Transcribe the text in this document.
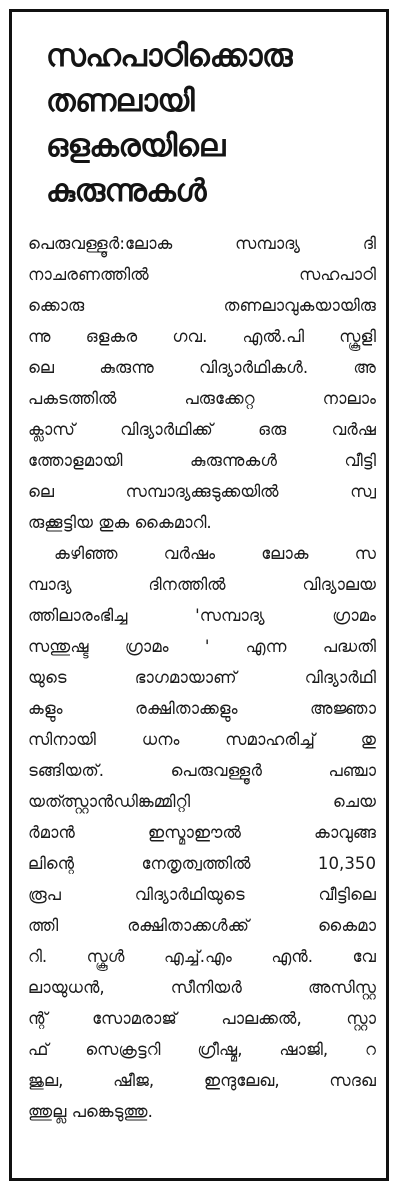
സഹപാഠിക്കൊരു
തണലായി
ഒളകരയിലെ
കുരുന്നുകൾ

പെരുവള്ളൂർ:ലോക സമ്പാദ്യ ദി
നാചരണത്തിൽ സഹപാഠി
ക്കൊരു തണലാവുകയായിരു
ന്നു ഒളകര ഗവ. എൽ.പി സ്കൂളി
ലെ കുരുന്നു വിദ്യാർഥികൾ. അ
പകടത്തിൽ പരുക്കേറ്റ നാലാം
ക്ലാസ് വിദ്യാർഥിക്ക് ഒരു വർഷ
ത്തോളമായി കുരുന്നുകൾ വീട്ടി
ലെ സമ്പാദ്യക്കുടുക്കയിൽ സ്വ
രുക്കൂട്ടിയ തുക കൈമാറി.

കഴിഞ്ഞ വർഷം ലോക സ
മ്പാദ്യ ദിനത്തിൽ വിദ്യാലയ
ത്തിലാരംഭിച്ച 'സമ്പാദ്യ ഗ്രാമം
സന്തുഷ്ട ഗ്രാമം ' എന്ന പദ്ധതി
യുടെ ഭാഗമായാണ് വിദ്യാർഥി
കളും രക്ഷിതാക്കളും അജ്ഞാ
സിനായി ധനം സമാഹരിച്ച് തു
ടങ്ങിയത്. പെരുവള്ളൂർ പഞ്ചാ
യത്ത്സ്റ്റാൻഡിങ്കമ്മിറ്റി ചെയ
ർമാൻ ഇസ്മാഈൽ കാവുങ്ങ
ലിന്റെ നേതൃത്വത്തിൽ 10,350
രൂപ വിദ്യാർഥിയുടെ വീട്ടിലെ
ത്തി രക്ഷിതാക്കൾക്ക് കൈമാ
റി. സ്കൂൾ എച്ച്.എം എൻ. വേ
ലായുധൻ, സീനിയർ അസിസ്റ്റ
ന്റ് സോമരാജ് പാലക്കൽ, സ്റ്റാ
ഫ് സെക്രട്ടറി ഗ്രീഷ്മ, ഷാജി, റ
ജുല, ഷീജ, ഇന്ദുലേഖ, സദഖ
ത്തുല്ല പങ്കെടുത്തു.
